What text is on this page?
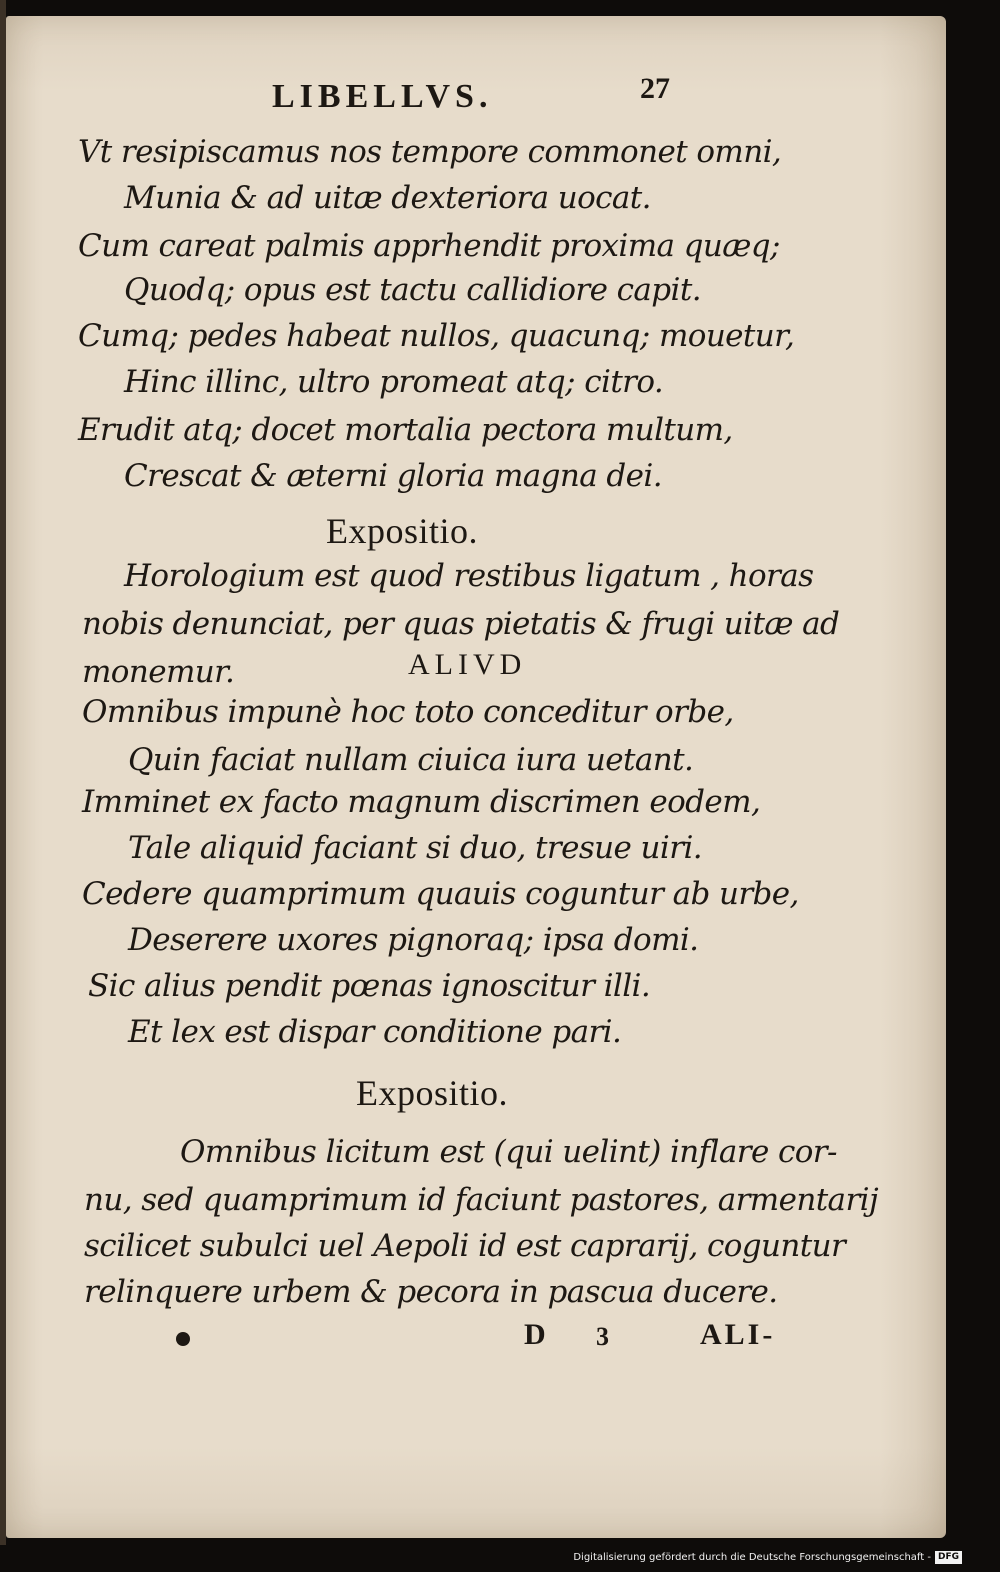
LIBELLVS.	27
Vt resipiscamus nos tempore commonet omni,
Munia & ad uitæ dexteriora uocat.
Cum careat palmis apprhendit proxima quæq;
Quodq; opus est tactu callidiore capit.
Cumq; pedes habeat nullos, quacunq; mouetur,
Hinc illinc, ultro promeat atq; citro.
Erudit atq; docet mortalia pectora multum,
Crescat & æterni gloria magna dei.
Expositio.
Horologium est quod restibus ligatum , horas
nobis denunciat, per quas pietatis & frugi uitæ ad
monemur.	ALIVD
Omnibus impunè hoc toto conceditur orbe,
Quin faciat nullam ciuica iura uetant.
Imminet ex facto magnum discrimen eodem,
Tale aliquid faciant si duo, tresue uiri.
Cedere quamprimum quauis coguntur ab urbe,
Deserere uxores pignoraq; ipsa domi.
Sic alius pendit pœnas ignoscitur illi.
Et lex est dispar conditione pari.
Expositio.
Omnibus licitum est (qui uelint) inflare cor-
nu, sed quamprimum id faciunt pastores, armentarij
scilicet subulci uel Aepoli id est caprarij, coguntur
relinquere urbem & pecora in pascua ducere.
D 3	ALI-
Digitalisierung gefördert durch die Deutsche Forschungsgemeinschaft - DFG
